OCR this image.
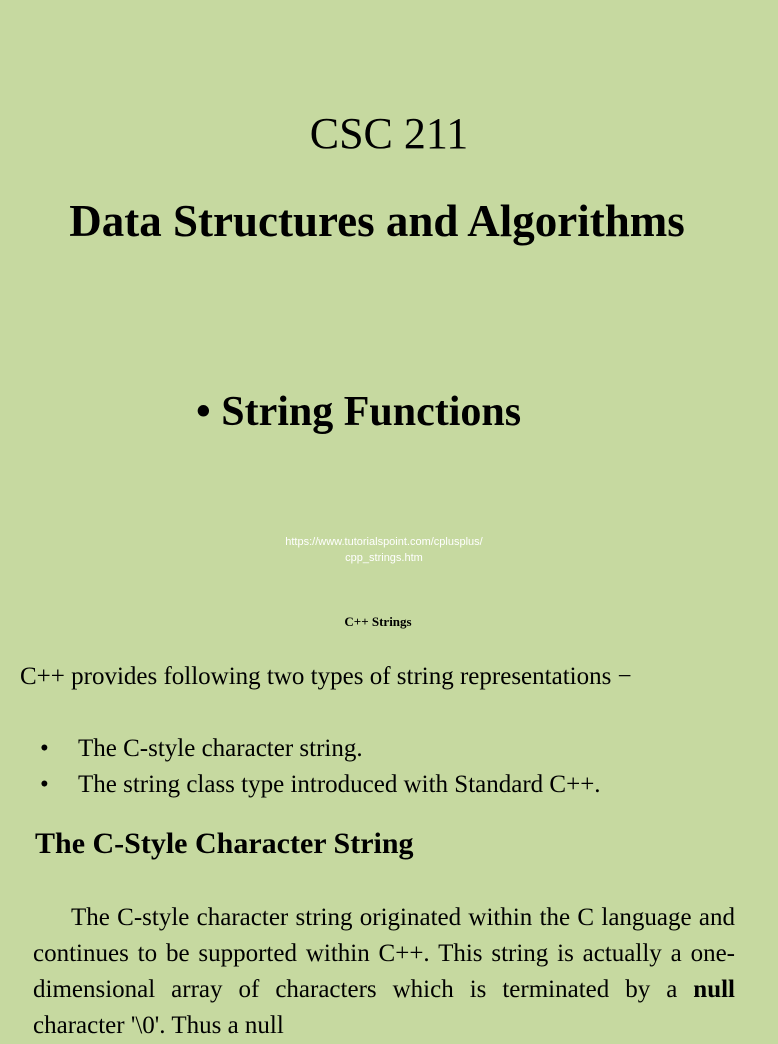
CSC 211
Data Structures and Algorithms
• String Functions
https://www.tutorialspoint.com/cplusplus/
cpp_strings.htm
C++ Strings
C++ provides following two types of string representations −
• The C-style character string.
• The string class type introduced with Standard C++.
The C-Style Character String
The C-style character string originated within the C language and continues to be supported within C++. This string is actually a one-dimensional array of characters which is terminated by a null character '\0'. Thus a null
